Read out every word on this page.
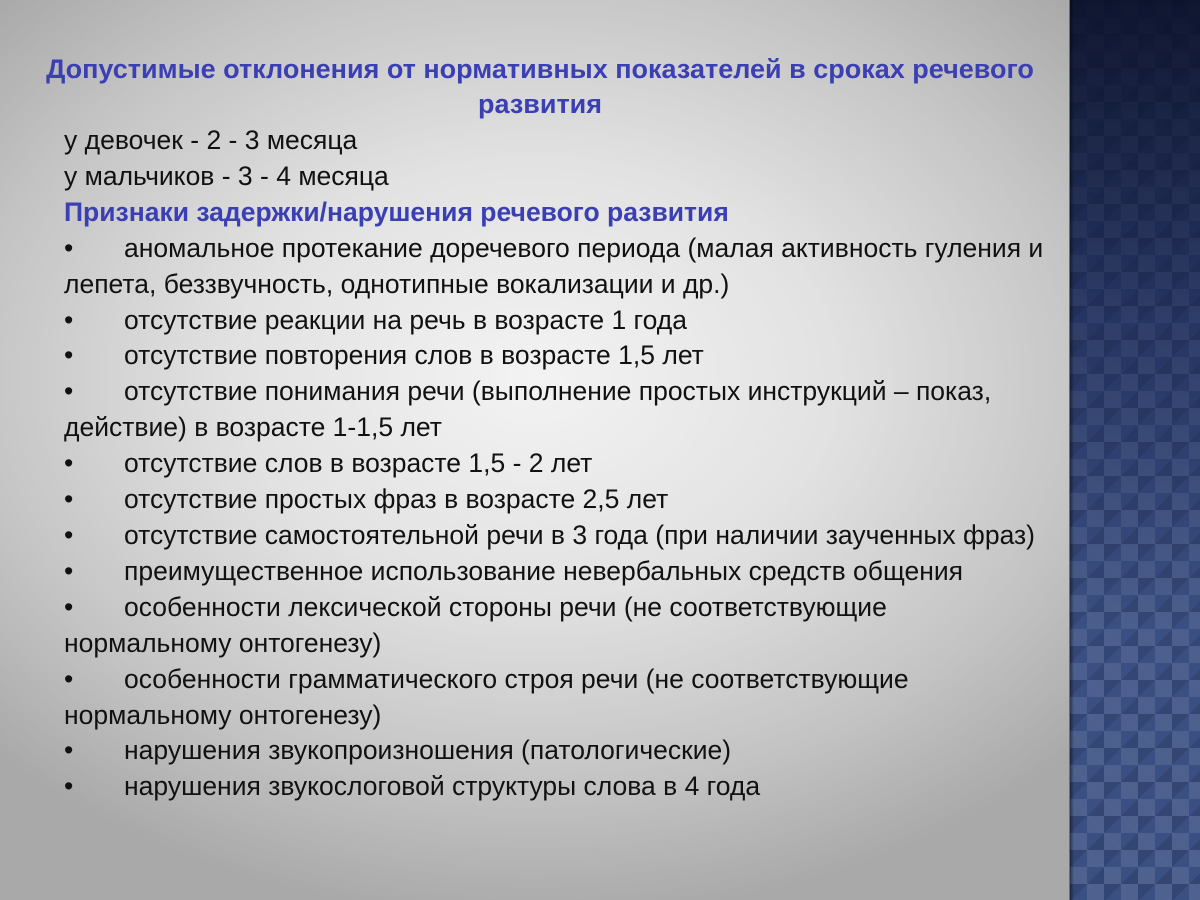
Допустимые отклонения от нормативных показателей в сроках речевого развития
у девочек - 2 - 3 месяца
у мальчиков - 3 - 4 месяца
Признаки задержки/нарушения речевого развития
• аномальное протекание доречевого периода (малая активность гуления и лепета, беззвучность, однотипные вокализации и др.)
• отсутствие реакции на речь в возрасте 1 года
• отсутствие повторения слов в возрасте 1,5 лет
• отсутствие понимания речи (выполнение простых инструкций – показ, действие) в возрасте 1-1,5 лет
• отсутствие слов в возрасте 1,5 - 2 лет
• отсутствие простых фраз в возрасте 2,5 лет
• отсутствие самостоятельной речи в 3 года (при наличии заученных фраз)
• преимущественное использование невербальных средств общения
• особенности лексической стороны речи (не соответствующие нормальному онтогенезу)
• особенности грамматического строя речи (не соответствующие нормальному онтогенезу)
• нарушения звукопроизношения (патологические)
• нарушения звукослоговой структуры слова в 4 года
